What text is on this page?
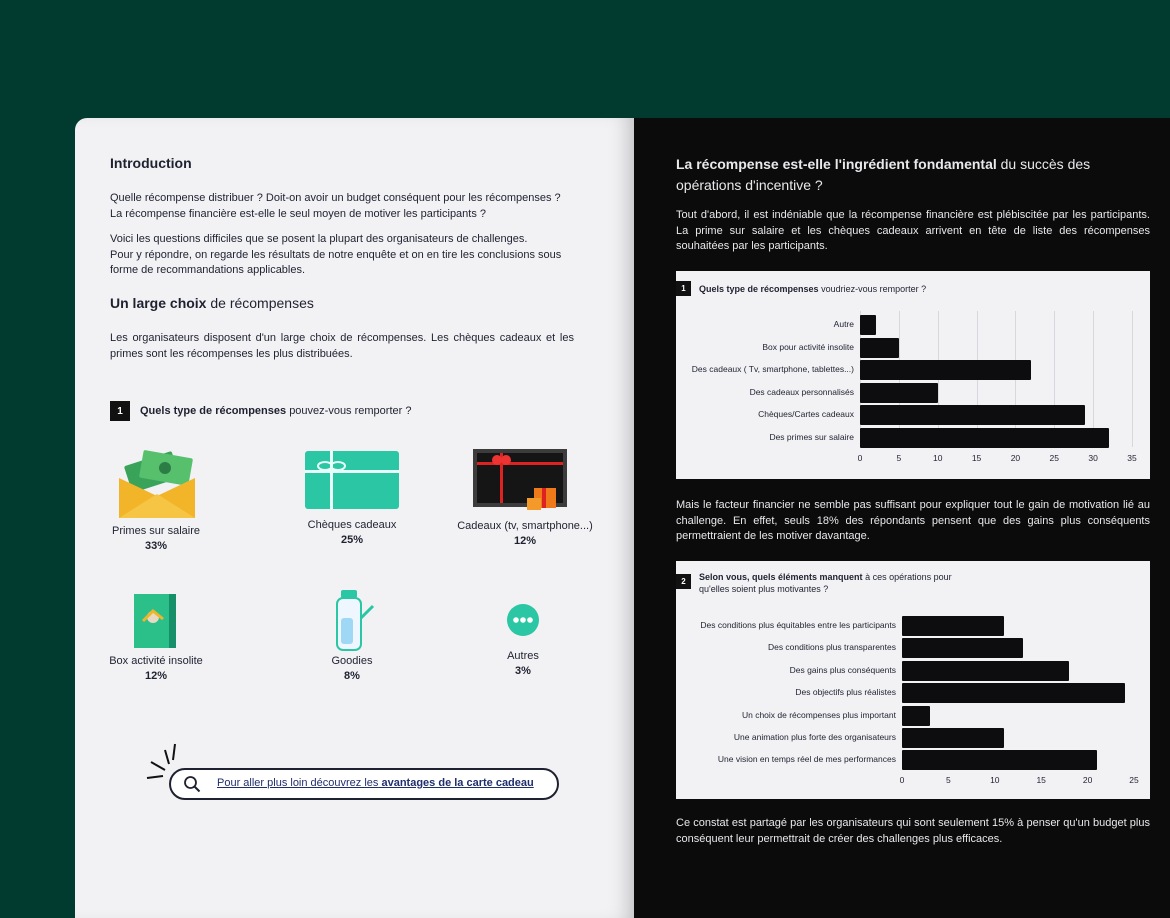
Introduction
Quelle récompense distribuer ? Doit-on avoir un budget conséquent pour les récompenses ?
La récompense financière est-elle le seul moyen de motiver les participants ?
Voici les questions difficiles que se posent la plupart des organisateurs de challenges.
Pour y répondre, on regarde les résultats de notre enquête et on en tire les conclusions sous
forme de recommandations applicables.
Un large choix de récompenses
Les organisateurs disposent d'un large choix de récompenses. Les chèques cadeaux et les primes sont les récompenses les plus distribuées.
1	Quels type de récompenses pouvez-vous remporter ?
Primes sur salaire
33%
Chèques cadeaux
25%
Cadeaux (tv, smartphone...)
12%
Box activité insolite
12%
Goodies
8%
Autres
3%
Pour aller plus loin découvrez les avantages de la carte cadeau
La récompense est-elle l'ingrédient fondamental du succès des
opérations d'incentive ?
Tout d'abord, il est indéniable que la récompense financière est plébiscitée par les participants. La prime sur salaire et les chèques cadeaux arrivent en tête de liste des récompenses souhaitées par les participants.
1	Quels type de récompenses voudriez-vous remporter ?
Autre
Box pour activité insolite
Des cadeaux ( Tv, smartphone, tablettes...)
Des cadeaux personnalisés
Chèques/Cartes cadeaux
Des primes sur salaire
0	5	10	15	20	25	30	35
Mais le facteur financier ne semble pas suffisant pour expliquer tout le gain de motivation lié au challenge. En effet, seuls 18% des répondants pensent que des gains plus conséquents permettraient de les motiver davantage.
2	Selon vous, quels éléments manquent à ces opérations pour
qu'elles soient plus motivantes ?
Des conditions plus équitables entre les participants
Des conditions plus transparentes
Des gains plus conséquents
Des objectifs plus réalistes
Un choix de récompenses plus important
Une animation plus forte des organisateurs
Une vision en temps réel de mes performances
0	5	10	15	20	25
Ce constat est partagé par les organisateurs qui sont seulement 15% à penser qu'un budget plus conséquent leur permettrait de créer des challenges plus efficaces.
